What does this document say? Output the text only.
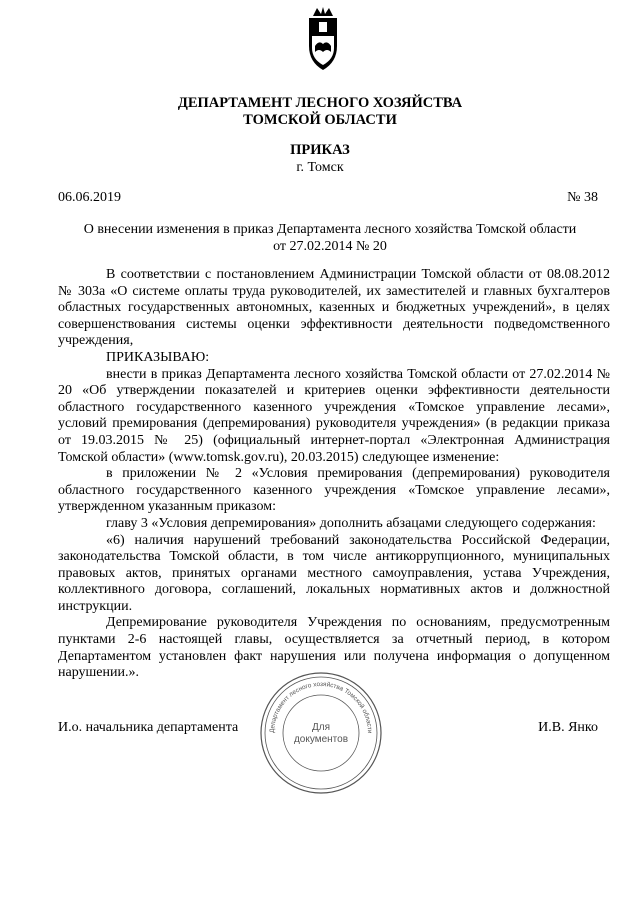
ДЕПАРТАМЕНТ ЛЕСНОГО ХОЗЯЙСТВА
ТОМСКОЙ ОБЛАСТИ
ПРИКАЗ
г. Томск
06.06.2019	№ 38
О внесении изменения в приказ Департамента лесного хозяйства Томской области
от 27.02.2014 № 20

В соответствии с постановлением Администрации Томской области от 08.08.2012 № 303а «О системе оплаты труда руководителей, их заместителей и главных бухгалтеров областных государственных автономных, казенных и бюджетных учреждений», в целях совершенствования системы оценки эффективности деятельности подведомственного учреждения,

ПРИКАЗЫВАЮ:

внести в приказ Департамента лесного хозяйства Томской области от 27.02.2014 № 20 «Об утверждении показателей и критериев оценки эффективности деятельности областного государственного казенного учреждения «Томское управление лесами», условий премирования (депремирования) руководителя учреждения» (в редакции приказа от 19.03.2015 № 25) (официальный интернет-портал «Электронная Администрация Томской области» (www.tomsk.gov.ru), 20.03.2015) следующее изменение:

в приложении № 2 «Условия премирования (депремирования) руководителя областного государственного казенного учреждения «Томское управление лесами», утвержденном указанным приказом:

главу 3 «Условия депремирования» дополнить абзацами следующего содержания:

«6) наличия нарушений требований законодательства Российской Федерации, законодательства Томской области, в том числе антикоррупционного, муниципальных правовых актов, принятых органами местного самоуправления, устава Учреждения, коллективного договора, соглашений, локальных нормативных актов и должностной инструкции.

Депремирование руководителя Учреждения по основаниям, предусмотренным пунктами 2-6 настоящей главы, осуществляется за отчетный период, в котором Департаментом установлен факт нарушения или получена информация о допущенном нарушении.».

И.о. начальника департамента	И.В. Янко
Департамент лесного хозяйства Томской области
Для
документов
